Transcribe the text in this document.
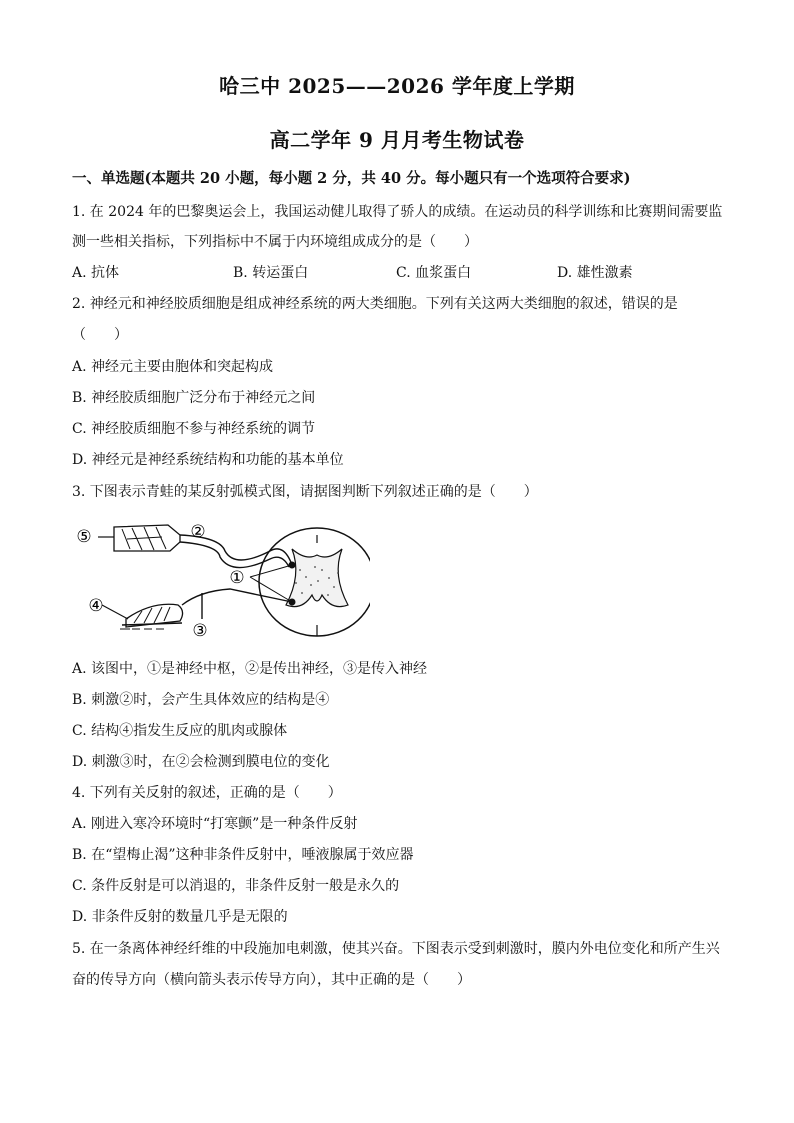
哈三中 2025——2026 学年度上学期
高二学年 9 月月考生物试卷
一、单选题(本题共 20 小题，每小题 2 分，共 40 分。每小题只有一个选项符合要求)
1. 在 2024 年的巴黎奥运会上，我国运动健儿取得了骄人的成绩。在运动员的科学训练和比赛期间需要监
测一些相关指标，下列指标中不属于内环境组成成分的是（　　）
A. 抗体	B. 转运蛋白	C. 血浆蛋白	D. 雄性激素
2. 神经元和神经胶质细胞是组成神经系统的两大类细胞。下列有关这两大类细胞的叙述，错误的是
（　　）
A. 神经元主要由胞体和突起构成
B. 神经胶质细胞广泛分布于神经元之间
C. 神经胶质细胞不参与神经系统的调节
D. 神经元是神经系统结构和功能的基本单位
3. 下图表示青蛙的某反射弧模式图，请据图判断下列叙述正确的是（　　）
⑤	②
①
④
③
A. 该图中，①是神经中枢，②是传出神经，③是传入神经
B. 刺激②时，会产生具体效应的结构是④
C. 结构④指发生反应的肌肉或腺体
D. 刺激③时，在②会检测到膜电位的变化
4. 下列有关反射的叙述，正确的是（　　）
A. 刚进入寒冷环境时“打寒颤”是一种条件反射
B. 在“望梅止渴”这种非条件反射中，唾液腺属于效应器
C. 条件反射是可以消退的，非条件反射一般是永久的
D. 非条件反射的数量几乎是无限的
5. 在一条离体神经纤维的中段施加电刺激，使其兴奋。下图表示受到刺激时，膜内外电位变化和所产生兴
奋的传导方向（横向箭头表示传导方向），其中正确的是（　　）
